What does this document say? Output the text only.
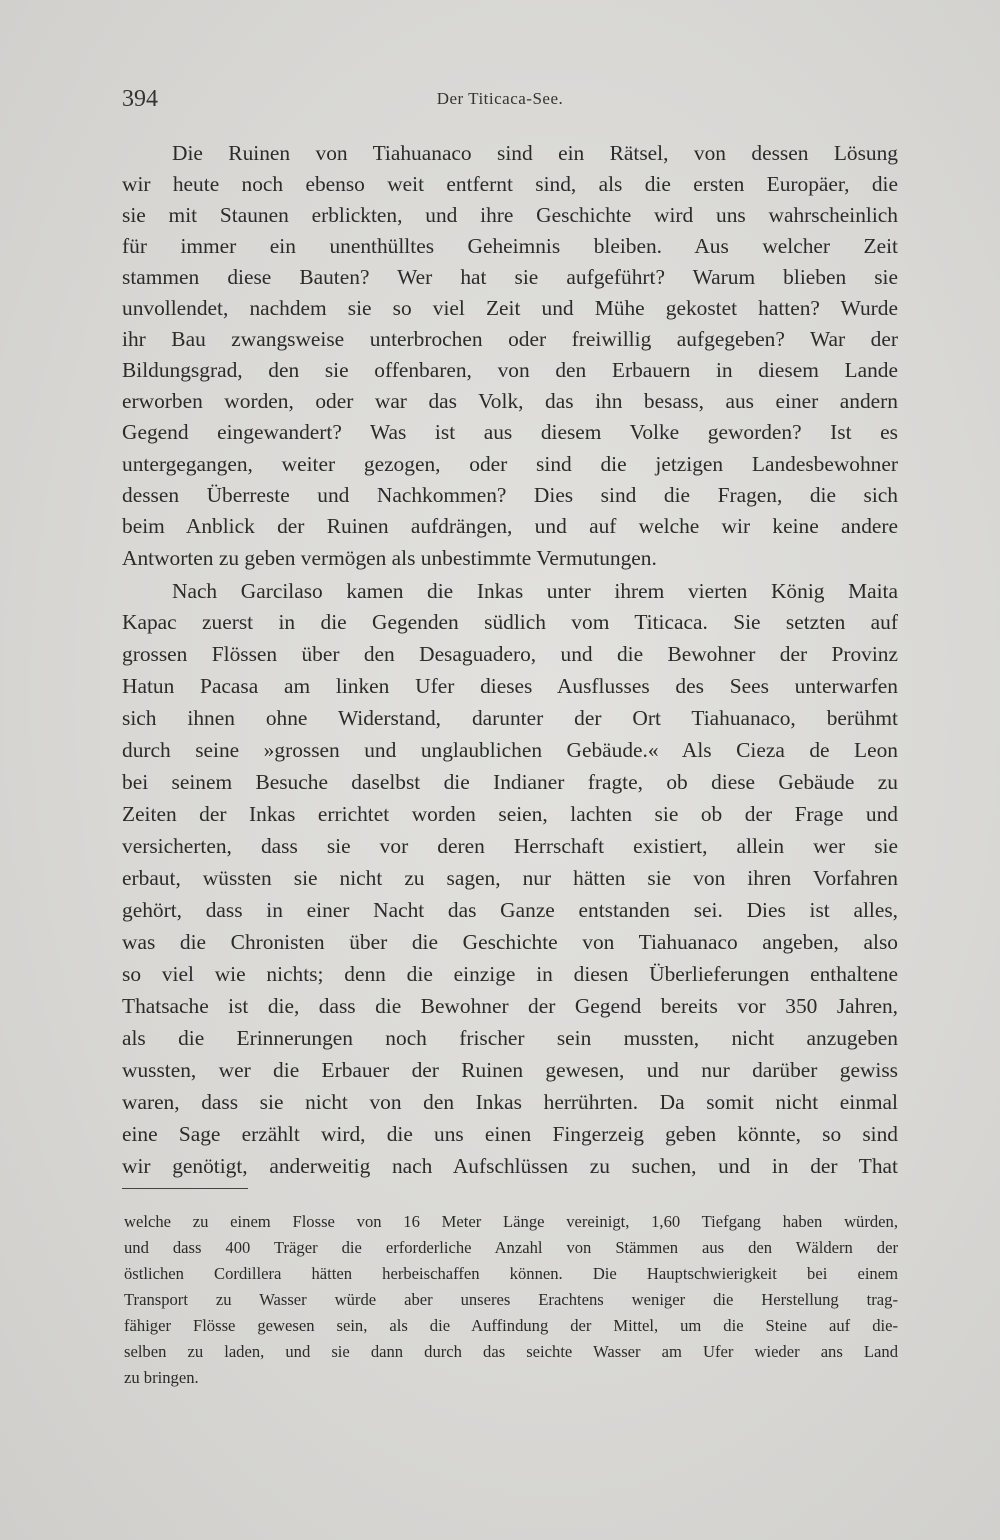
394	Der Titicaca-See.
Die Ruinen von Tiahuanaco sind ein Rätsel, von dessen Lösung
wir heute noch ebenso weit entfernt sind, als die ersten Europäer, die
sie mit Staunen erblickten, und ihre Geschichte wird uns wahrscheinlich
für immer ein unenthülltes Geheimnis bleiben. Aus welcher Zeit
stammen diese Bauten? Wer hat sie aufgeführt? Warum blieben sie
unvollendet, nachdem sie so viel Zeit und Mühe gekostet hatten? Wurde
ihr Bau zwangsweise unterbrochen oder freiwillig aufgegeben? War der
Bildungsgrad, den sie offenbaren, von den Erbauern in diesem Lande
erworben worden, oder war das Volk, das ihn besass, aus einer andern
Gegend eingewandert? Was ist aus diesem Volke geworden? Ist es
untergegangen, weiter gezogen, oder sind die jetzigen Landesbewohner
dessen Überreste und Nachkommen? Dies sind die Fragen, die sich
beim Anblick der Ruinen aufdrängen, und auf welche wir keine andere
Antworten zu geben vermögen als unbestimmte Vermutungen.
Nach Garcilaso kamen die Inkas unter ihrem vierten König Maita
Kapac zuerst in die Gegenden südlich vom Titicaca. Sie setzten auf
grossen Flössen über den Desaguadero, und die Bewohner der Provinz
Hatun Pacasa am linken Ufer dieses Ausflusses des Sees unterwarfen
sich ihnen ohne Widerstand, darunter der Ort Tiahuanaco, berühmt
durch seine »grossen und unglaublichen Gebäude.« Als Cieza de Leon
bei seinem Besuche daselbst die Indianer fragte, ob diese Gebäude zu
Zeiten der Inkas errichtet worden seien, lachten sie ob der Frage und
versicherten, dass sie vor deren Herrschaft existiert, allein wer sie
erbaut, wüssten sie nicht zu sagen, nur hätten sie von ihren Vorfahren
gehört, dass in einer Nacht das Ganze entstanden sei. Dies ist alles,
was die Chronisten über die Geschichte von Tiahuanaco angeben, also
so viel wie nichts; denn die einzige in diesen Überlieferungen enthaltene
Thatsache ist die, dass die Bewohner der Gegend bereits vor 350 Jahren,
als die Erinnerungen noch frischer sein mussten, nicht anzugeben
wussten, wer die Erbauer der Ruinen gewesen, und nur darüber gewiss
waren, dass sie nicht von den Inkas herrührten. Da somit nicht einmal
eine Sage erzählt wird, die uns einen Fingerzeig geben könnte, so sind
wir genötigt, anderweitig nach Aufschlüssen zu suchen, und in der That
welche zu einem Flosse von 16 Meter Länge vereinigt, 1,60 Tiefgang haben würden,
und dass 400 Träger die erforderliche Anzahl von Stämmen aus den Wäldern der
östlichen Cordillera hätten herbeischaffen können. Die Hauptschwierigkeit bei einem
Transport zu Wasser würde aber unseres Erachtens weniger die Herstellung trag-
fähiger Flösse gewesen sein, als die Auffindung der Mittel, um die Steine auf die-
selben zu laden, und sie dann durch das seichte Wasser am Ufer wieder ans Land
zu bringen.
